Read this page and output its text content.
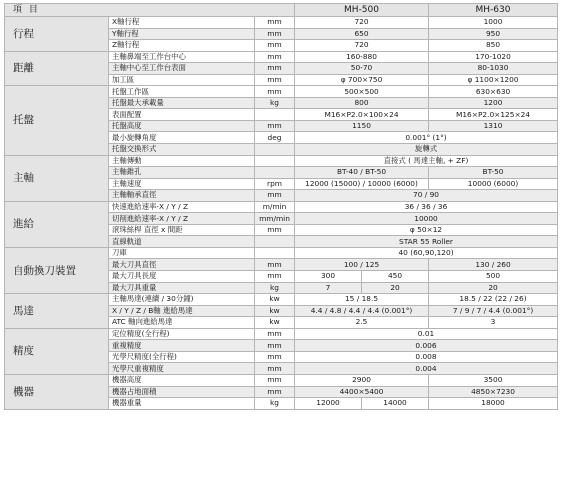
項 目			MH-500		MH-630
行程	X軸行程	mm	720		1000
	Y軸行程	mm	650		950
	Z軸行程	mm	720		850
距離	主軸鼻端至工作台中心	mm	160-880		170-1020
	主軸中心至工作台表面	mm	50-70		80-1030
	加工區	mm	φ 700×750		φ 1100×1200
托盤	托盤工作區	mm	500×500		630×630
	托盤最大承載量	kg	800		1200
	表面配置		M16×P2.0×100×24		M16×P2.0×125×24
	托盤高度	mm	1150		1310
	最小旋轉角度	deg	0.001° (1°)		
	托盤交換形式		旋轉式		
主軸	主軸傳動		直接式 ( 馬達主軸, + ZF)		
	主軸錐孔		BT-40 / BT-50		BT-50
	主軸速度	rpm	12000 (15000) / 10000 (6000)		10000 (6000)
	主軸軸承直徑	mm	70 / 90		
進給	快速進給速率-X / Y / Z	m/min	36 / 36 / 36		
	切削進給速率-X / Y / Z	mm/min	10000		
	滾珠絲桿 直徑 x 間距	mm	φ 50×12		
	直線軌道		STAR 55 Roller		
自動換刀裝置	刀庫		40 (60,90,120)		
	最大刀具直徑	mm	100 / 125		130 / 260
	最大刀具長度	mm	300	450	500
	最大刀具重量	kg	7	20	20
馬達	主軸馬達(連續 / 30分鐘)	kw	15 / 18.5		18.5 / 22 (22 / 26)
	X / Y / Z / B軸 進給馬達	kw	4.4 / 4.8 / 4.4 / 4.4 (0.001°)		7 / 9 / 7 / 4.4 (0.001°)
	ATC 軸向進給馬達	kw	2.5		3
精度	定位精度(全行程)	mm	0.01		
	重複精度	mm	0.006		
	光學尺精度(全行程)	mm	0.008		
	光學尺重複精度	mm	0.004		
機器	機器高度	mm	2900		3500
	機器占地面積	mm	4400×5400		4850×7230
	機器重量	kg	12000	14000	18000
